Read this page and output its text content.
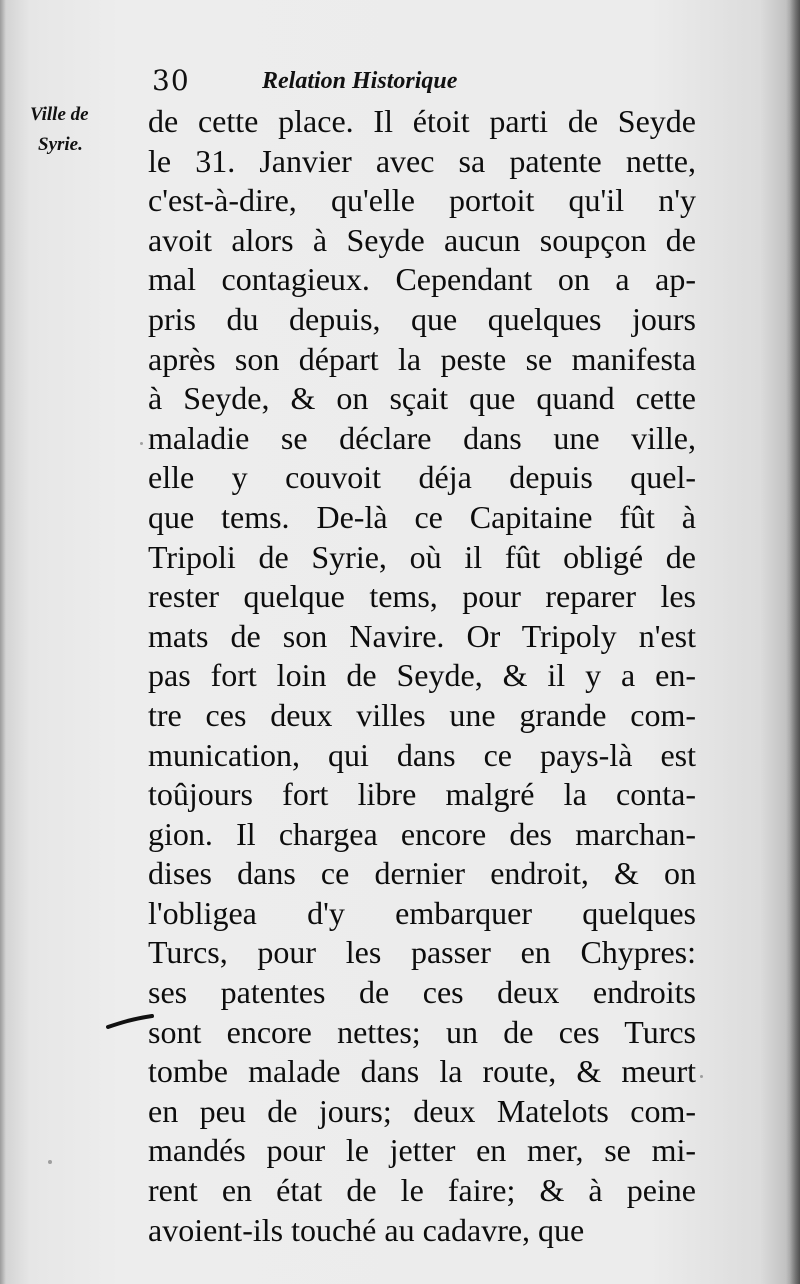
30	Relation Historique
Ville de
Syrie.
de cette place. Il étoit parti de Seyde
le 31. Janvier avec sa patente nette,
c'est-à-dire, qu'elle portoit qu'il n'y
avoit alors à Seyde aucun soupçon de
mal contagieux. Cependant on a ap-
pris du depuis, que quelques jours
après son départ la peste se manifesta
à Seyde, & on sçait que quand cette
maladie se déclare dans une ville,
elle y couvoit déja depuis quel-
que tems. De-là ce Capitaine fût à
Tripoli de Syrie, où il fût obligé de
rester quelque tems, pour reparer les
mats de son Navire. Or Tripoly n'est
pas fort loin de Seyde, & il y a en-
tre ces deux villes une grande com-
munication, qui dans ce pays-là est
toûjours fort libre malgré la conta-
gion. Il chargea encore des marchan-
dises dans ce dernier endroit, & on
l'obligea d'y embarquer quelques
Turcs, pour les passer en Chypres:
ses patentes de ces deux endroits
sont encore nettes; un de ces Turcs
tombe malade dans la route, & meurt
en peu de jours; deux Matelots com-
mandés pour le jetter en mer, se mi-
rent en état de le faire; & à peine
avoient-ils touché au cadavre, que
